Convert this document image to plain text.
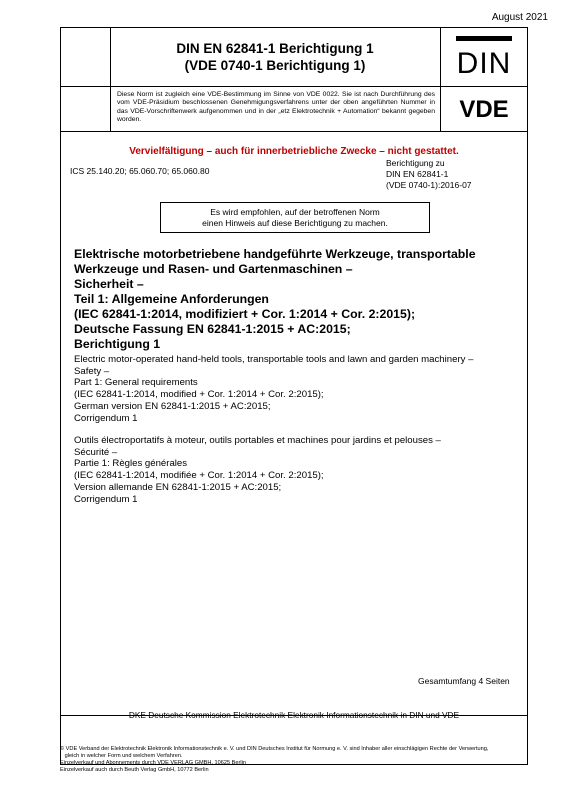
August 2021
DIN EN 62841-1 Berichtigung 1
(VDE 0740-1 Berichtigung 1)	DIN
VDE
Diese Norm ist zugleich eine VDE-Bestimmung im Sinne von VDE 0022. Sie ist nach Durchführung des vom VDE-Präsidium beschlossenen Genehmigungsverfahrens unter der oben angeführten Nummer in das VDE-Vorschriftenwerk aufgenommen und in der „etz Elektrotechnik + Automation“ bekannt gegeben worden.
Vervielfältigung – auch für innerbetriebliche Zwecke – nicht gestattet.
ICS 25.140.20; 65.060.70; 65.060.80
Berichtigung zu
DIN EN 62841-1
(VDE 0740-1):2016-07
Es wird empfohlen, auf der betroffenen Norm
einen Hinweis auf diese Berichtigung zu machen.
Elektrische motorbetriebene handgeführte Werkzeuge, transportable
Werkzeuge und Rasen- und Gartenmaschinen –
Sicherheit –
Teil 1: Allgemeine Anforderungen
(IEC 62841-1:2014, modifiziert + Cor. 1:2014 + Cor. 2:2015);
Deutsche Fassung EN 62841-1:2015 + AC:2015;
Berichtigung 1
Electric motor-operated hand-held tools, transportable tools and lawn and garden machinery –
Safety –
Part 1: General requirements
(IEC 62841-1:2014, modified + Cor. 1:2014 + Cor. 2:2015);
German version EN 62841-1:2015 + AC:2015;
Corrigendum 1
Outils électroportatifs à moteur, outils portables et machines pour jardins et pelouses –
Sécurité –
Partie 1: Règles générales
(IEC 62841-1:2014, modifiée + Cor. 1:2014 + Cor. 2:2015);
Version allemande EN 62841-1:2015 + AC:2015;
Corrigendum 1
Gesamtumfang 4 Seiten
DKE Deutsche Kommission Elektrotechnik Elektronik Informationstechnik in DIN und VDE
© VDE Verband der Elektrotechnik Elektronik Informationstechnik e. V. und DIN Deutsches Institut für Normung e. V. sind Inhaber aller einschlägigen Rechte der Verwertung,
gleich in welcher Form und welchem Verfahren.
Einzelverkauf und Abonnements durch VDE VERLAG GMBH, 10625 Berlin
Einzelverkauf auch durch Beuth Verlag GmbH, 10772 Berlin
